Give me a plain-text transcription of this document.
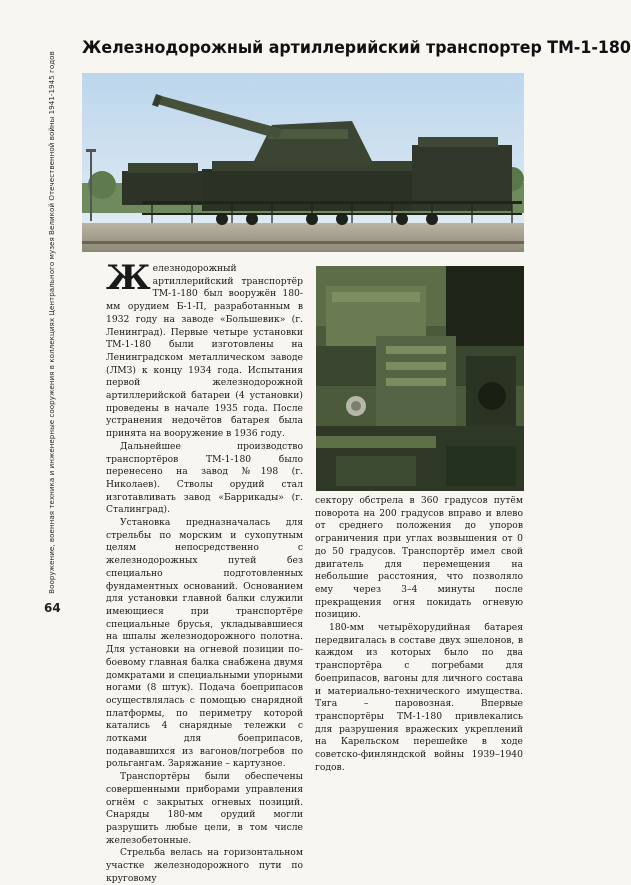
Вооружение, военная техника и инженерные сооружения в коллекциях Центрального музея Великой Отечественной войны 1941-1945 годов
64
Железнодорожный артиллерийский транспортер ТМ-1-180

Железнодорожный артиллерийский транспортёр ТМ-1-180 был вооружён 180-мм орудием Б-1-П, разработанным в 1932 году на заводе «Большевик» (г. Ленинград). Первые четыре установки ТМ-1-180 были изготовлены на Ленинградском металлическом заводе (ЛМЗ) к концу 1934 года. Испытания первой железнодорожной артиллерийской батареи (4 установки) проведены в начале 1935 года. После устранения недочётов батарея была принята на вооружение в 1936 году.

Дальнейшее производство транспортёров ТМ-1-180 было перенесено на завод №198 (г. Николаев). Стволы орудий стал изготавливать завод «Баррикады» (г. Сталинград).

Установка предназначалась для стрельбы по морским и сухопутным целям непосредственно с железнодорожных путей без специально подготовленных фундаментных оснований. Основанием для установки главной балки служили имеющиеся при транспортёре специальные брусья, укладывавшиеся на шпалы железнодорожного полотна. Для установки на огневой позиции по-боевому главная балка снабжена двумя домкратами и специальными упорными ногами (8 штук). Подача боеприпасов осуществлялась с помощью снарядной платформы, по периметру которой катались 4 снарядные тележки с лотками для боеприпасов, подававшихся из вагонов/погребов по рольгангам. Заряжание – картузное.

Транспортёры были обеспечены совершенными приборами управления огнём с закрытых огневых позиций. Снаряды 180-мм орудий могли разрушить любые цели, в том числе железобетонные.

Стрельба велась на горизонтальном участке железнодорожного пути по круговому

сектору обстрела в 360 градусов путём поворота на 200 градусов вправо и влево от среднего положения до упоров ограничения при углах возвышения от 0 до 50 градусов. Транспортёр имел свой двигатель для перемещения на небольшие расстояния, что позволяло ему через 3–4 минуты после прекращения огня покидать огневую позицию.

180-мм четырёхорудийная батарея передвигалась в составе двух эшелонов, в каждом из которых было по два транспортёра с погребами для боеприпасов, вагоны для личного состава и материально-технического имущества. Тяга – паровозная. Впервые транспортёры ТМ-1-180 привлекались для разрушения вражеских укреплений на Карельском перешейке в ходе советско-финляндской войны 1939–1940 годов.
